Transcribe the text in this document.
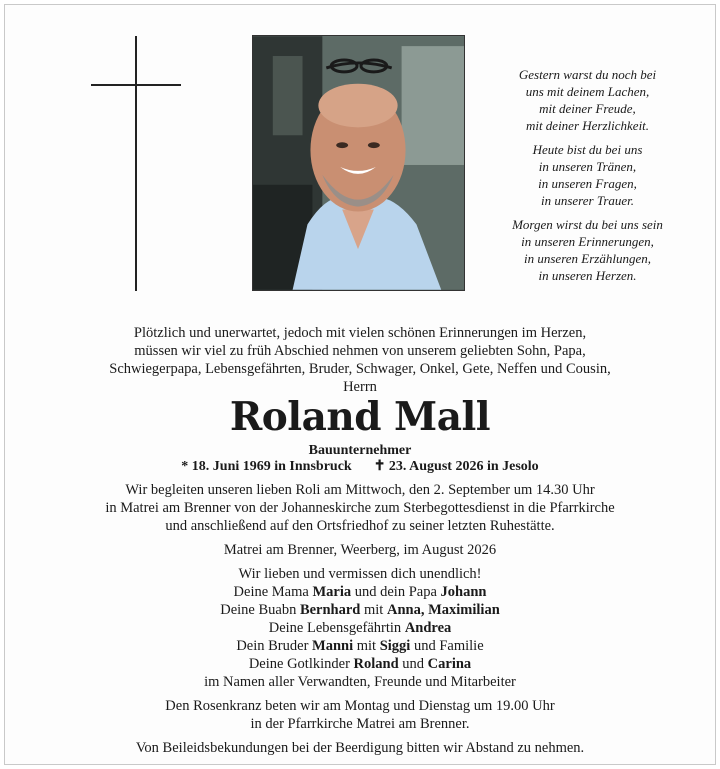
Gestern warst du noch bei
uns mit deinem Lachen,
mit deiner Freude,
mit deiner Herzlichkeit.
Heute bist du bei uns
in unseren Tränen,
in unseren Fragen,
in unserer Trauer.
Morgen wirst du bei uns sein
in unseren Erinnerungen,
in unseren Erzählungen,
in unseren Herzen.
Plötzlich und unerwartet, jedoch mit vielen schönen Erinnerungen im Herzen,
müssen wir viel zu früh Abschied nehmen von unserem geliebten Sohn, Papa,
Schwiegerpapa, Lebensgefährten, Bruder, Schwager, Onkel, Gete, Neffen und Cousin,
Herrn
Roland Mall
Bauunternehmer
* 18. Juni 1969 in Innsbruck ✝ 23. August 2026 in Jesolo
Wir begleiten unseren lieben Roli am Mittwoch, den 2. September um 14.30 Uhr
in Matrei am Brenner von der Johanneskirche zum Sterbegottesdienst in die Pfarrkirche
und anschließend auf den Ortsfriedhof zu seiner letzten Ruhestätte.
Matrei am Brenner, Weerberg, im August 2026
Wir lieben und vermissen dich unendlich!
Deine Mama Maria und dein Papa Johann
Deine Buabn Bernhard mit Anna, Maximilian
Deine Lebensgefährtin Andrea
Dein Bruder Manni mit Siggi und Familie
Deine Gotlkinder Roland und Carina
im Namen aller Verwandten, Freunde und Mitarbeiter
Den Rosenkranz beten wir am Montag und Dienstag um 19.00 Uhr
in der Pfarrkirche Matrei am Brenner.
Von Beileidsbekundungen bei der Beerdigung bitten wir Abstand zu nehmen.
